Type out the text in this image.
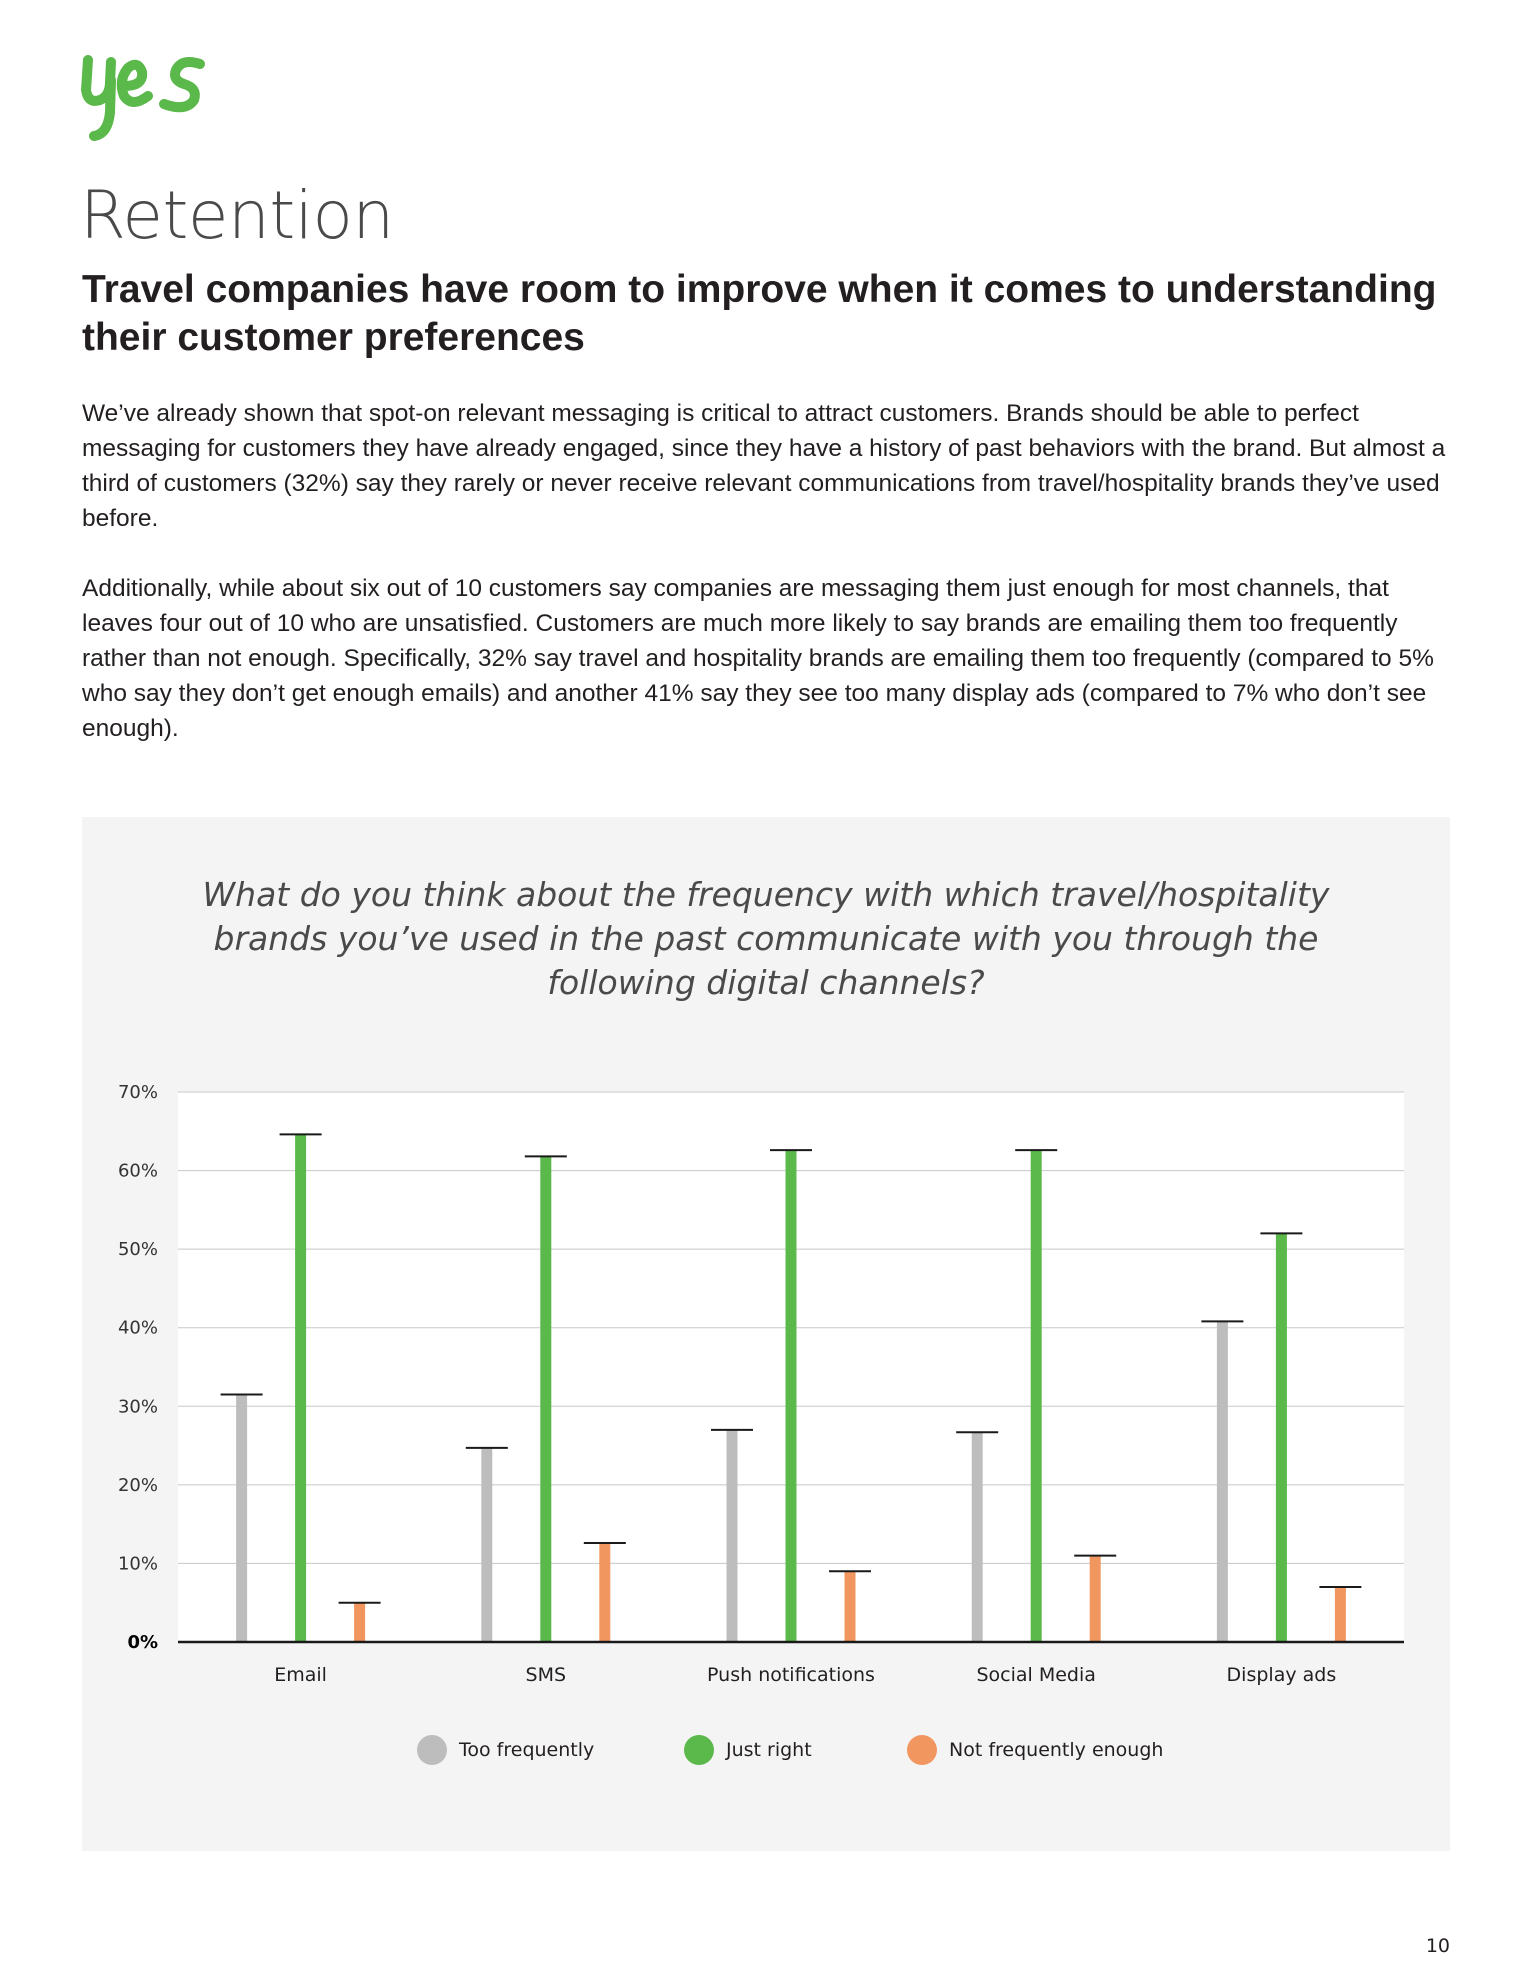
Retention
Travel companies have room to improve when it comes to understanding their customer preferences

We’ve already shown that spot-on relevant messaging is critical to attract customers. Brands should be able to perfect messaging for customers they have already engaged, since they have a history of past behaviors with the brand. But almost a third of customers (32%) say they rarely or never receive relevant communications from travel/hospitality brands they’ve used before.

Additionally, while about six out of 10 customers say companies are messaging them just enough for most channels, that leaves four out of 10 who are unsatisfied. Customers are much more likely to say brands are emailing them too frequently rather than not enough. Specifically, 32% say travel and hospitality brands are emailing them too frequently (compared to 5% who say they don’t get enough emails) and another 41% say they see too many display ads (compared to 7% who don’t see enough).

What do you think about the frequency with which travel/hospitality brands you’ve used in the past communicate with you through the following digital channels?

0%
10%
20%
30%
40%
50%
60%
70%
Email	SMS	Push notifications	Social Media	Display ads
Too frequently	Just right	Not frequently enough
10
